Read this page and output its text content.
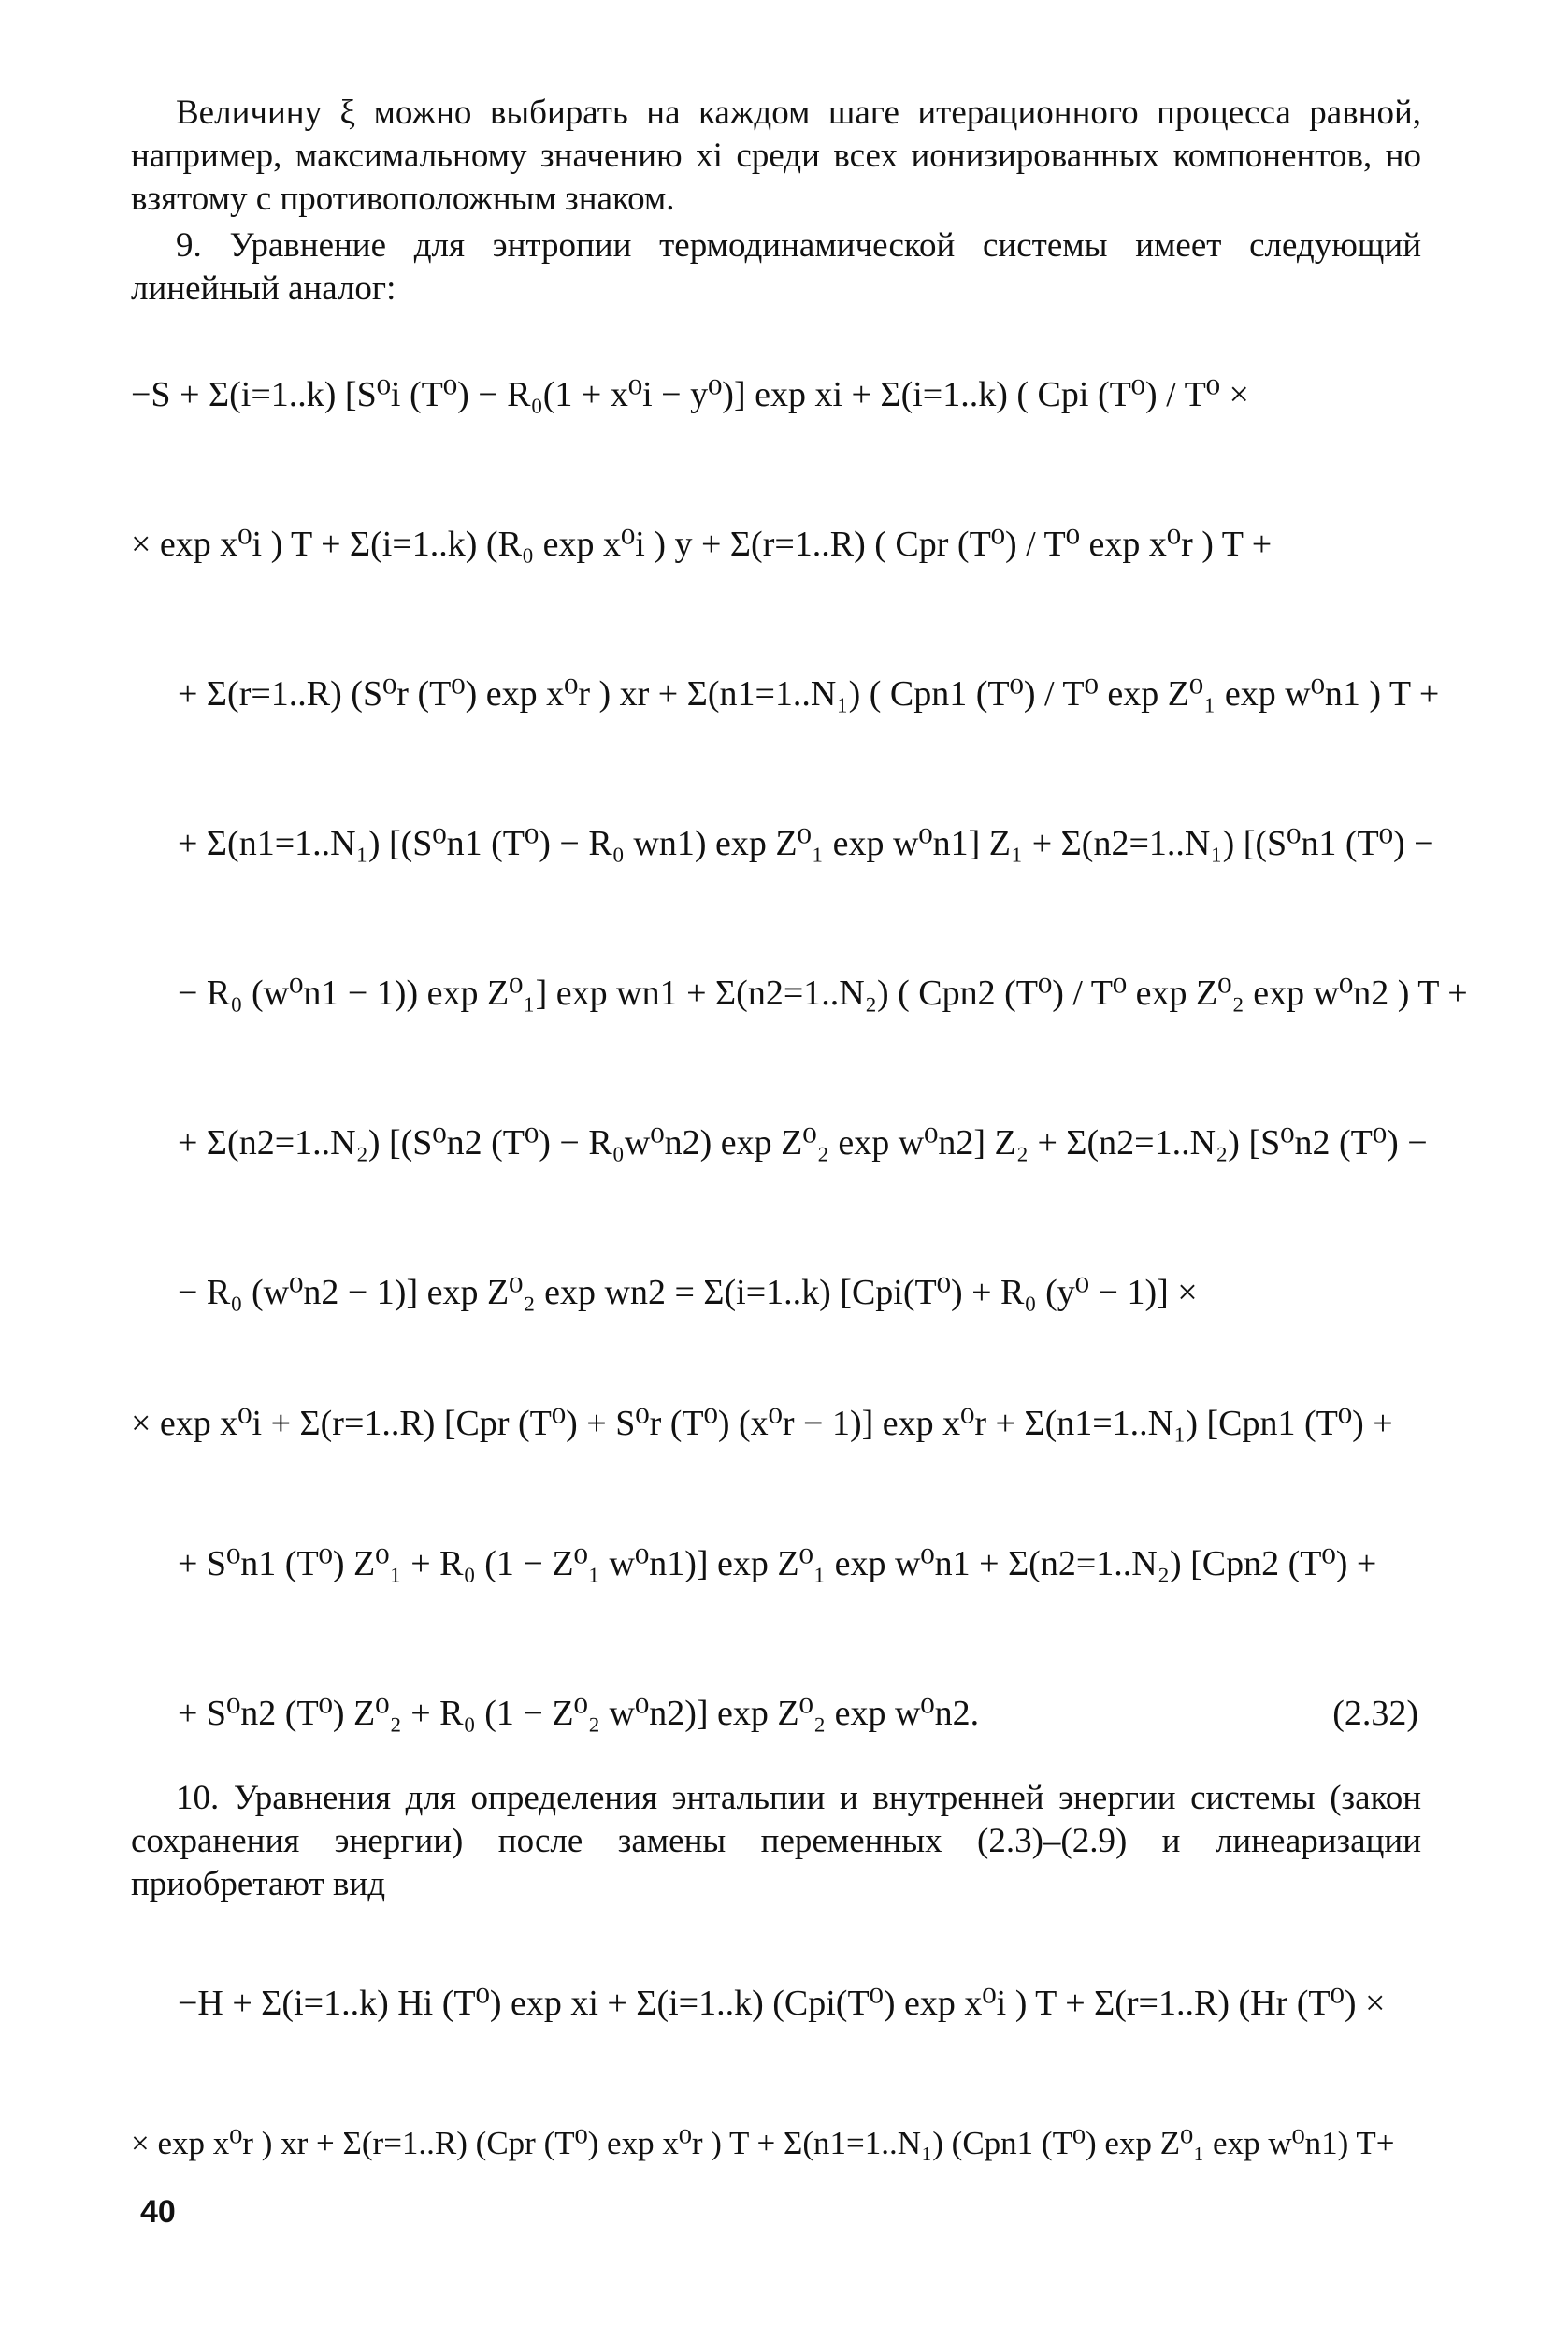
Величину ξ можно выбирать на каждом шаге итерационного процесса равной, например, максимальному значению xi среди всех ионизированных компонентов, но взятому с противоположным знаком.

9. Уравнение для энтропии термодинамической системы имеет следующий линейный аналог:

−S + Σ(i=1..k) [S⁰i (T⁰) − R₀(1 + x⁰i − y⁰)] exp xi + Σ(i=1..k) ( Cpi (T⁰) / T⁰ ×
× exp x⁰i ) T + Σ(i=1..k) (R₀ exp x⁰i ) y + Σ(r=1..R) ( Cpr (T⁰) / T⁰ exp x⁰r ) T +
+ Σ(r=1..R) (S⁰r (T⁰) exp x⁰r ) xr + Σ(n1=1..N₁) ( Cpn1 (T⁰) / T⁰ exp Z⁰₁ exp w⁰n1 ) T +
+ Σ(n1=1..N₁) [(S⁰n1 (T⁰) − R₀ wn1) exp Z⁰₁ exp w⁰n1] Z₁ + Σ(n2=1..N₁) [(S⁰n1 (T⁰) −
− R₀ (w⁰n1 − 1)) exp Z⁰₁] exp wn1 + Σ(n2=1..N₂) ( Cpn2 (T⁰) / T⁰ exp Z⁰₂ exp w⁰n2 ) T +
+ Σ(n2=1..N₂) [(S⁰n2 (T⁰) − R₀w⁰n2) exp Z⁰₂ exp w⁰n2] Z₂ + Σ(n2=1..N₂) [S⁰n2 (T⁰) −
− R₀ (w⁰n2 − 1)] exp Z⁰₂ exp wn2 = Σ(i=1..k) [Cpi(T⁰) + R₀ (y⁰ − 1)] ×
× exp x⁰i + Σ(r=1..R) [Cpr (T⁰) + S⁰r (T⁰) (x⁰r − 1)] exp x⁰r + Σ(n1=1..N₁) [Cpn1 (T⁰) +
+ S⁰n1 (T⁰) Z⁰₁ + R₀ (1 − Z⁰₁ w⁰n1)] exp Z⁰₁ exp w⁰n1 + Σ(n2=1..N₂) [Cpn2 (T⁰) +
+ S⁰n2 (T⁰) Z⁰₂ + R₀ (1 − Z⁰₂ w⁰n2)] exp Z⁰₂ exp w⁰n2.	(2.32)

10. Уравнения для определения энтальпии и внутренней энергии системы (закон сохранения энергии) после замены переменных (2.3)–(2.9) и линеаризации приобретают вид

−H + Σ(i=1..k) Hi (T⁰) exp xi + Σ(i=1..k) (Cpi(T⁰) exp x⁰i ) T + Σ(r=1..R) (Hr (T⁰) ×
× exp x⁰r ) xr + Σ(r=1..R) (Cpr (T⁰) exp x⁰r ) T + Σ(n1=1..N₁) (Cpn1 (T⁰) exp Z⁰₁ exp w⁰n1) T+
40
